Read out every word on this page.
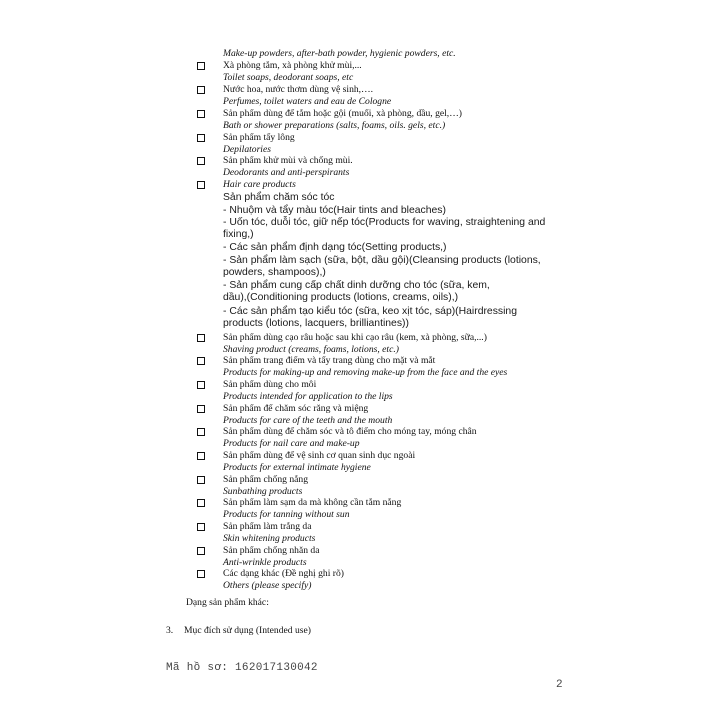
Make-up powders, after-bath powder, hygienic powders, etc.
Xà phòng tắm, xà phòng khử mùi,...
Toilet soaps, deodorant soaps, etc
Nước hoa, nước thơm dùng vệ sinh,….
Perfumes, toilet waters and eau de Cologne
Sản phẩm dùng để tắm hoặc gội (muối, xà phòng, dầu, gel,…)
Bath or shower preparations (salts, foams, oils. gels, etc.)
Sản phẩm tẩy lông
Depilatories
Sản phẩm khử mùi và chống mùi.
Deodorants and anti-perspirants
Hair care products
Sản phẩm chăm sóc tóc
- Nhuộm và tẩy màu tóc(Hair tints and bleaches)
- Uốn tóc, duỗi tóc, giữ nếp tóc(Products for waving, straightening and
fixing,)
- Các sản phẩm định dạng tóc(Setting products,)
- Sản phẩm làm sạch (sữa, bột, dầu gội)(Cleansing products (lotions,
powders, shampoos),)
- Sản phẩm cung cấp chất dinh dưỡng cho tóc (sữa, kem,
dầu),(Conditioning products (lotions, creams, oils),)
- Các sản phẩm tạo kiểu tóc (sữa, keo xịt tóc, sáp)(Hairdressing
products (lotions, lacquers, brilliantines))
Sản phẩm dùng cạo râu hoặc sau khi cạo râu (kem, xà phòng, sữa,...)
Shaving product (creams, foams, lotions, etc.)
Sản phẩm trang điểm và tẩy trang dùng cho mặt và mắt
Products for making-up and removing make-up from the face and the eyes
Sản phẩm dùng cho môi
Products intended for application to the lips
Sản phẩm để chăm sóc răng và miệng
Products for care of the teeth and the mouth
Sản phẩm dùng để chăm sóc và tô điểm cho móng tay, móng chân
Products for nail care and make-up
Sản phẩm dùng để vệ sinh cơ quan sinh dục ngoài
Products for external intimate hygiene
Sản phẩm chống nắng
Sunbathing products
Sản phẩm làm sạm da mà không cần tắm nắng
Products for tanning without sun
Sản phẩm làm trắng da
Skin whitening products
Sản phẩm chống nhăn da
Anti-wrinkle products
Các dạng khác (Đề nghị ghi rõ)
Others (please specify)
Dạng sản phẩm khác:
3. Mục đích sử dụng (Intended use)
Mã hồ sơ: 162017130042
2
